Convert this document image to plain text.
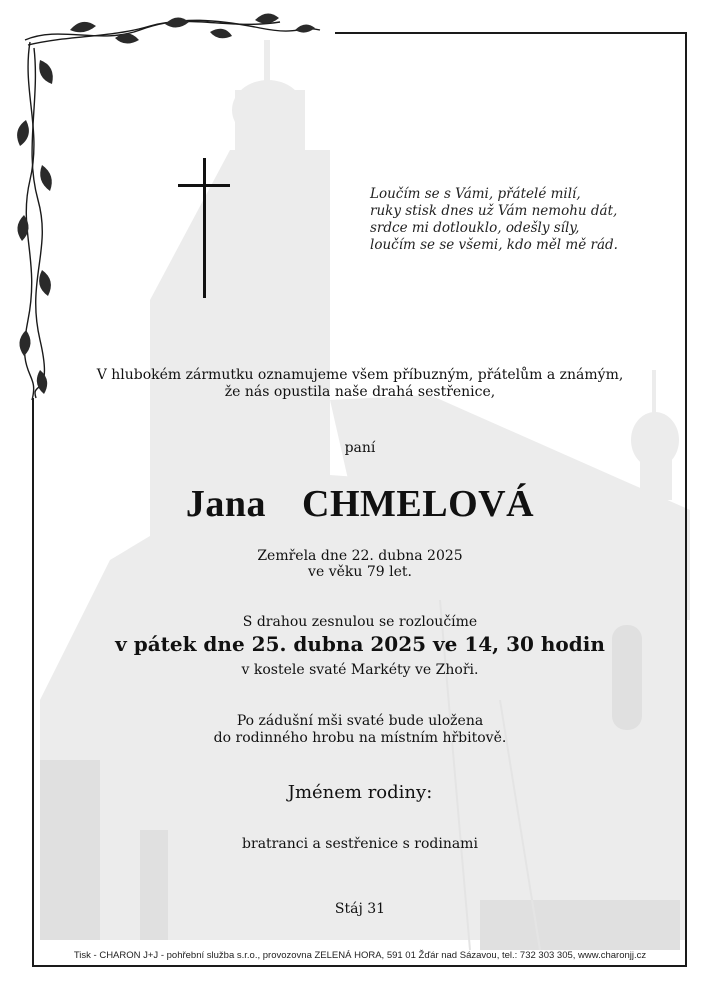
Loučím se s Vámi, přátelé milí,
ruky stisk dnes už Vám nemohu dát,
srdce mi dotlouklo, odešly síly,
loučím se se všemi, kdo měl mě rád.
V hlubokém zármutku oznamujeme všem příbuzným, přátelům a známým,
že nás opustila naše drahá sestřenice,
paní
Jana  CHMELOVÁ
Zemřela dne 22. dubna 2025
ve věku 79 let.
S drahou zesnulou se rozloučíme
v pátek dne 25. dubna 2025 ve 14, 30 hodin
v kostele svaté Markéty ve Zhoři.
Po zádušní mši svaté bude uložena
do rodinného hrobu na místním hřbitově.
Jménem rodiny:
bratranci a sestřenice s rodinami
Stáj 31
Tisk - CHARON J+J - pohřební služba s.r.o., provozovna ZELENÁ HORA, 591 01 Žďár nad Sázavou, tel.: 732 303 305, www.charonjj.cz
